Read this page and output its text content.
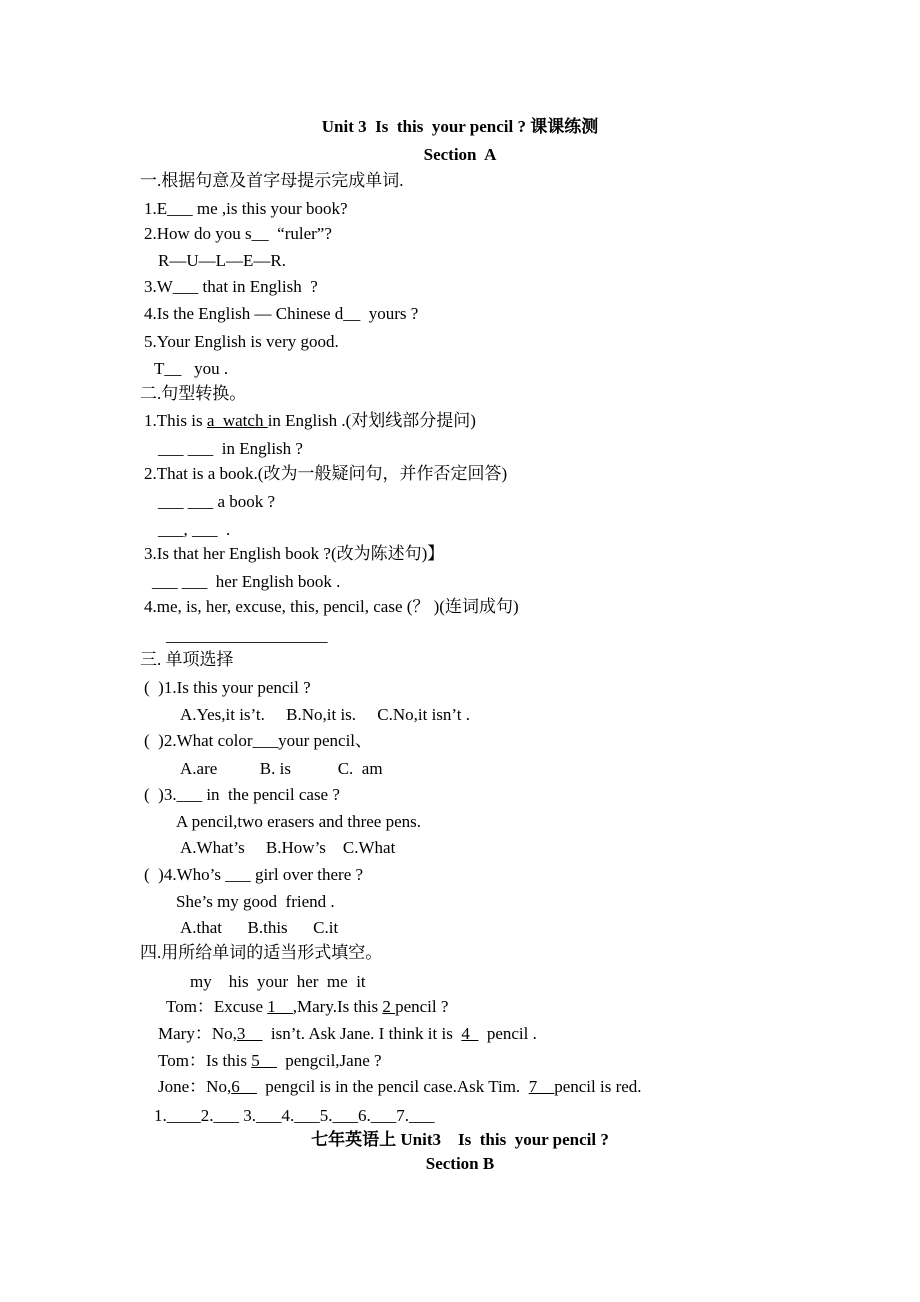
Unit 3  Is  this  your pencil ? 课课练测
Section  A
一.根据句意及首字母提示完成单词.
1.E___ me ,is this your book?
2.How do you s__  “ruler”?
R—U—L—E—R.
3.W___ that in English  ?
4.Is the English — Chinese d__  yours ?
5.Your English is very good.
T__   you .
二.句型转换。
1.This is a  watch in English .(对划线部分提问)
___ ___  in English ?
2.That is a book.(改为一般疑问句，并作否定回答)
___ ___ a book ?
___, ___  .
3.Is that her English book ?(改为陈述句)】
___ ___  her English book .
4.me, is, her, excuse, this, pencil, case (？ )(连词成句)
___________________
三. 单项选择
(  )1.Is this your pencil ?
A.Yes,it is’t.     B.No,it is.     C.No,it isn’t .
(  )2.What color___your pencil、
A.are          B. is           C.  am
(  )3.___ in  the pencil case ?
A pencil,two erasers and three pens.
A.What’s     B.How’s    C.What
(  )4.Who’s ___ girl over there ?
She’s my good  friend .
A.that      B.this      C.it
四.用所给单词的适当形式填空。
my    his  your  her  me  it
Tom：Excuse 1__,Mary.Is this 2 pencil ?
Mary：No,3__  isn’t. Ask Jane. I think it is  4_  pencil .
Tom：Is this 5__  pengcil,Jane ?
Jone：No,6__  pengcil is in the pencil case.Ask Tim.  7__pencil is red.
1.____2.___ 3.___4.___5.___6.___7.___
七年英语上 Unit3    Is  this  your pencil ?
Section B
